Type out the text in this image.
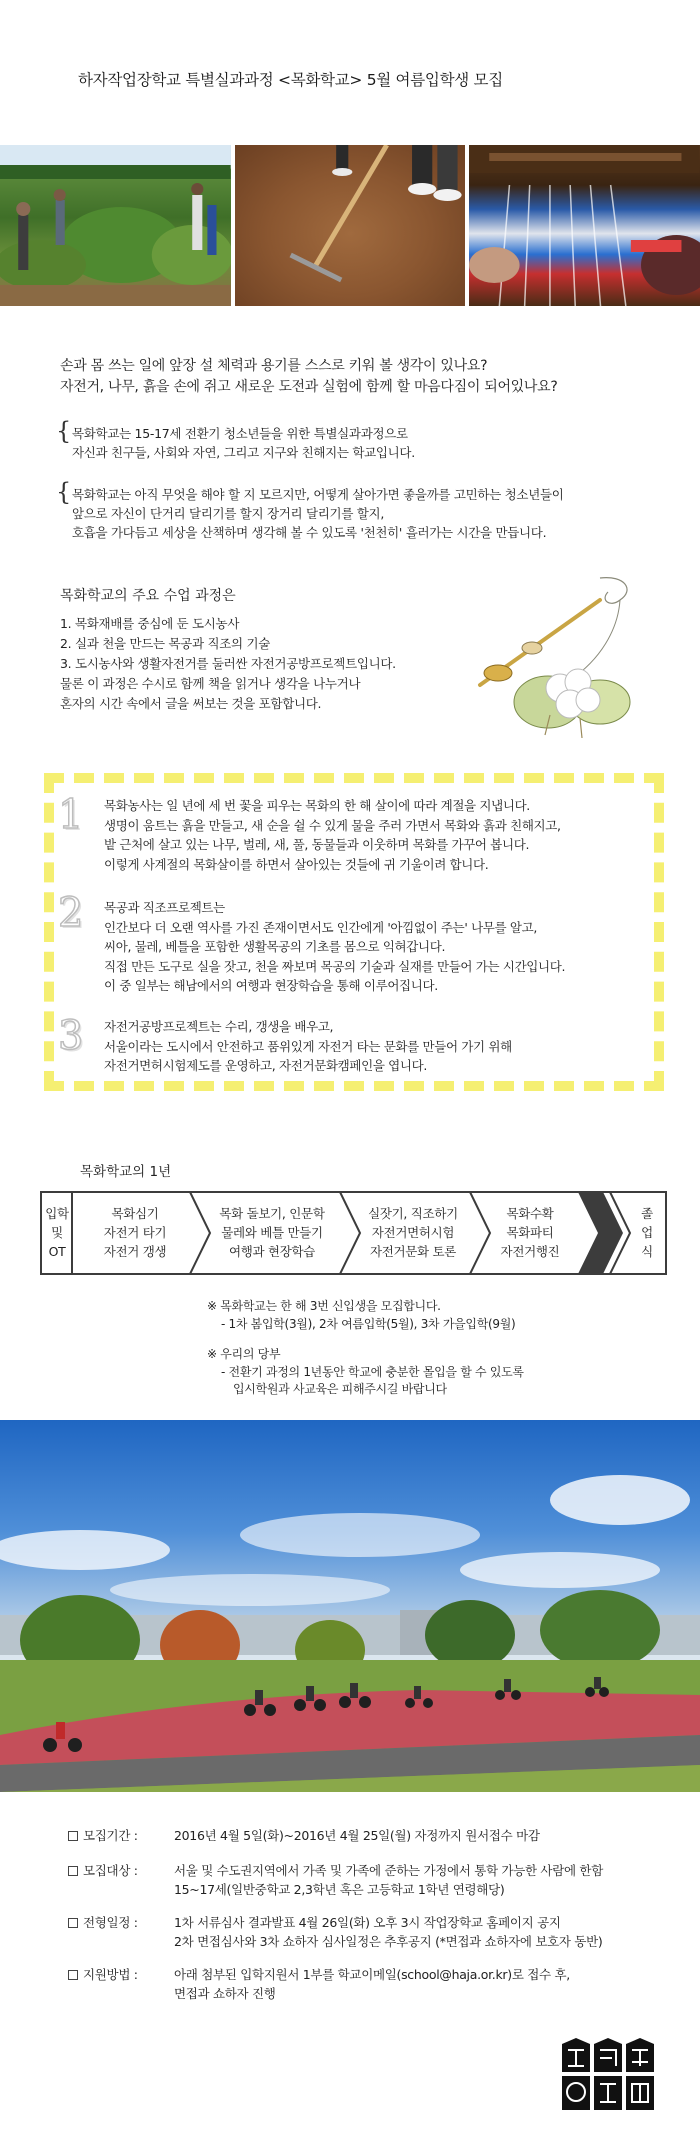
하자작업장학교 특별실과과정 <목화학교> 5월 여름입학생 모집
손과 몸 쓰는 일에 앞장 설 체력과 용기를 스스로 키워 볼 생각이 있나요?
자전거, 나무, 흙을 손에 쥐고 새로운 도전과 실험에 함께 할 마음다짐이 되어있나요?
{ 목화학교는 15-17세 전환기 청소년들을 위한 특별실과과정으로
자신과 친구들, 사회와 자연, 그리고 지구와 친해지는 학교입니다.
{ 목화학교는 아직 무엇을 해야 할 지 모르지만, 어떻게 살아가면 좋을까를 고민하는 청소년들이
앞으로 자신이 단거리 달리기를 할지 장거리 달리기를 할지,
호흡을 가다듬고 세상을 산책하며 생각해 볼 수 있도록 '천천히' 흘러가는 시간을 만듭니다.
목화학교의 주요 수업 과정은
1. 목화재배를 중심에 둔 도시농사
2. 실과 천을 만드는 목공과 직조의 기술
3. 도시농사와 생활자전거를 둘러싼 자전거공방프로젝트입니다.
물론 이 과정은 수시로 함께 책을 읽거나 생각을 나누거나
혼자의 시간 속에서 글을 써보는 것을 포함합니다.
1
2
3
목화농사는 일 년에 세 번 꽃을 피우는 목화의 한 해 살이에 따라 계절을 지냅니다.
생명이 움트는 흙을 만들고, 새 순을 쉴 수 있게 물을 주러 가면서 목화와 흙과 친해지고,
밭 근처에 살고 있는 나무, 벌레, 새, 풀, 동물들과 이웃하며 목화를 가꾸어 봅니다.
이렇게 사계절의 목화살이를 하면서 살아있는 것들에 귀 기울이려 합니다.
목공과 직조프로젝트는
인간보다 더 오랜 역사를 가진 존재이면서도 인간에게 '아낌없이 주는' 나무를 알고,
씨아, 물레, 베틀을 포함한 생활목공의 기초를 몸으로 익혀갑니다.
직접 만든 도구로 실을 잣고, 천을 짜보며 목공의 기술과 실재를 만들어 가는 시간입니다.
이 중 일부는 해남에서의 여행과 현장학습을 통해 이루어집니다.
자전거공방프로젝트는 수리, 갱생을 배우고,
서울이라는 도시에서 안전하고 품위있게 자전거 타는 문화를 만들어 가기 위해
자전거면허시험제도를 운영하고, 자전거문화캠페인을 엽니다.
목화학교의 1년
입학
및
OT
목화심기
자전거 타기
자전거 갱생
목화 돌보기, 인문학
물레와 베틀 만들기
여행과 현장학습
실잣기, 직조하기
자전거면허시험
자전거문화 토론
목화수확
목화파티
자전거행진
졸
업
식
※ 목화학교는 한 해 3번 신입생을 모집합니다.
- 1차 봄입학(3월), 2차 여름입학(5월), 3차 가을입학(9월)
※ 우리의 당부
- 전환기 과정의 1년동안 학교에 충분한 몰입을 할 수 있도록
입시학원과 사교육은 피해주시길 바랍니다
모집기간 :	2016년 4월 5일(화)~2016년 4월 25일(월) 자정까지 원서접수 마감
모집대상 :	서울 및 수도권지역에서 가족 및 가족에 준하는 가정에서 통학 가능한 사람에 한함
15~17세(일반중학교 2,3학년 혹은 고등학교 1학년 연령해당)
전형일정 :	1차 서류심사 결과발표 4월 26일(화) 오후 3시 작업장학교 홈페이지 공지
2차 면접심사와 3차 쇼하자 심사일정은 추후공지 (*면접과 쇼하자에 보호자 동반)
지원방법 :	아래 첨부된 입학지원서 1부를 학교이메일(school@haja.or.kr)로 접수 후,
면접과 쇼하자 진행
